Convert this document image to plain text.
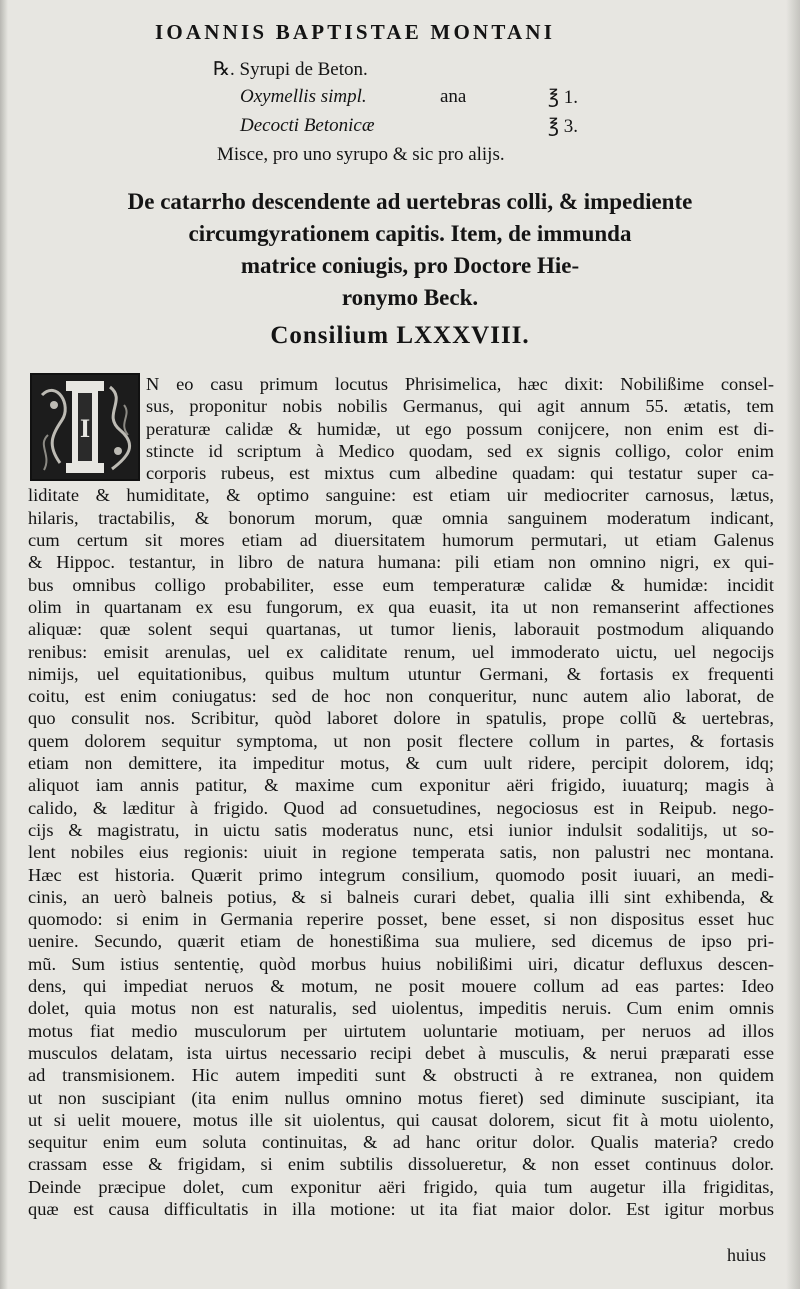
IOANNIS BAPTISTAE MONTANI
℞. Syrupi de Beton.
Oxymellis simpl.	ana	℥ 1.
Decocti Betonicæ	℥ 3.
Misce, pro uno syrupo & sic pro alijs.
De catarrho descendente ad uertebras colli, & impediente
circumgyrationem capitis. Item, de immunda
matrice coniugis, pro Doctore Hie-
ronymo Beck.
Consilium LXXXVIII.
I
N eo casu primum locutus Phrisimelica, hæc dixit: Nobilißime consel-
sus, proponitur nobis nobilis Germanus, qui agit annum 55. ætatis, tem
peraturæ calidæ & humidæ, ut ego possum conijcere, non enim est di-
stincte id scriptum à Medico quodam, sed ex signis colligo, color enim
corporis rubeus, est mixtus cum albedine quadam: qui testatur super ca-
liditate & humiditate, & optimo sanguine: est etiam uir mediocriter carnosus, lætus,
hilaris, tractabilis, & bonorum morum, quæ omnia sanguinem moderatum indicant,
cum certum sit mores etiam ad diuersitatem humorum permutari, ut etiam Galenus
& Hippoc. testantur, in libro de natura humana: pili etiam non omnino nigri, ex qui-
bus omnibus colligo probabiliter, esse eum temperaturæ calidæ & humidæ: incidit
olim in quartanam ex esu fungorum, ex qua euasit, ita ut non remanserint affectiones
aliquæ: quæ solent sequi quartanas, ut tumor lienis, laborauit postmodum aliquando
renibus: emisit arenulas, uel ex caliditate renum, uel immoderato uictu, uel negocijs
nimijs, uel equitationibus, quibus multum utuntur Germani, & fortasis ex frequenti
coitu, est enim coniugatus: sed de hoc non conqueritur, nunc autem alio laborat, de
quo consulit nos. Scribitur, quòd laboret dolore in spatulis, prope collũ & uertebras,
quem dolorem sequitur symptoma, ut non posit flectere collum in partes, & fortasis
etiam non demittere, ita impeditur motus, & cum uult ridere, percipit dolorem, idq;
aliquot iam annis patitur, & maxime cum exponitur aëri frigido, iuuaturq; magis à
calido, & læditur à frigido. Quod ad consuetudines, negociosus est in Reipub. nego-
cijs & magistratu, in uictu satis moderatus nunc, etsi iunior indulsit sodalitijs, ut so-
lent nobiles eius regionis: uiuit in regione temperata satis, non palustri nec montana.
Hæc est historia. Quærit primo integrum consilium, quomodo posit iuuari, an medi-
cinis, an uerò balneis potius, & si balneis curari debet, qualia illi sint exhibenda, &
quomodo: si enim in Germania reperire posset, bene esset, si non dispositus esset huc
uenire. Secundo, quærit etiam de honestißima sua muliere, sed dicemus de ipso pri-
mũ. Sum istius sententię, quòd morbus huius nobilißimi uiri, dicatur defluxus descen-
dens, qui impediat neruos & motum, ne posit mouere collum ad eas partes: Ideo
dolet, quia motus non est naturalis, sed uiolentus, impeditis neruis. Cum enim omnis
motus fiat medio musculorum per uirtutem uoluntarie motiuam, per neruos ad illos
musculos delatam, ista uirtus necessario recipi debet à musculis, & nerui præparati esse
ad transmisionem. Hic autem impediti sunt & obstructi à re extranea, non quidem
ut non suscipiant (ita enim nullus omnino motus fieret) sed diminute suscipiant, ita
ut si uelit mouere, motus ille sit uiolentus, qui causat dolorem, sicut fit à motu uiolento,
sequitur enim eum soluta continuitas, & ad hanc oritur dolor. Qualis materia? credo
crassam esse & frigidam, si enim subtilis dissolueretur, & non esset continuus dolor.
Deinde præcipue dolet, cum exponitur aëri frigido, quia tum augetur illa frigiditas,
quæ est causa difficultatis in illa motione: ut ita fiat maior dolor. Est igitur morbus
huius
